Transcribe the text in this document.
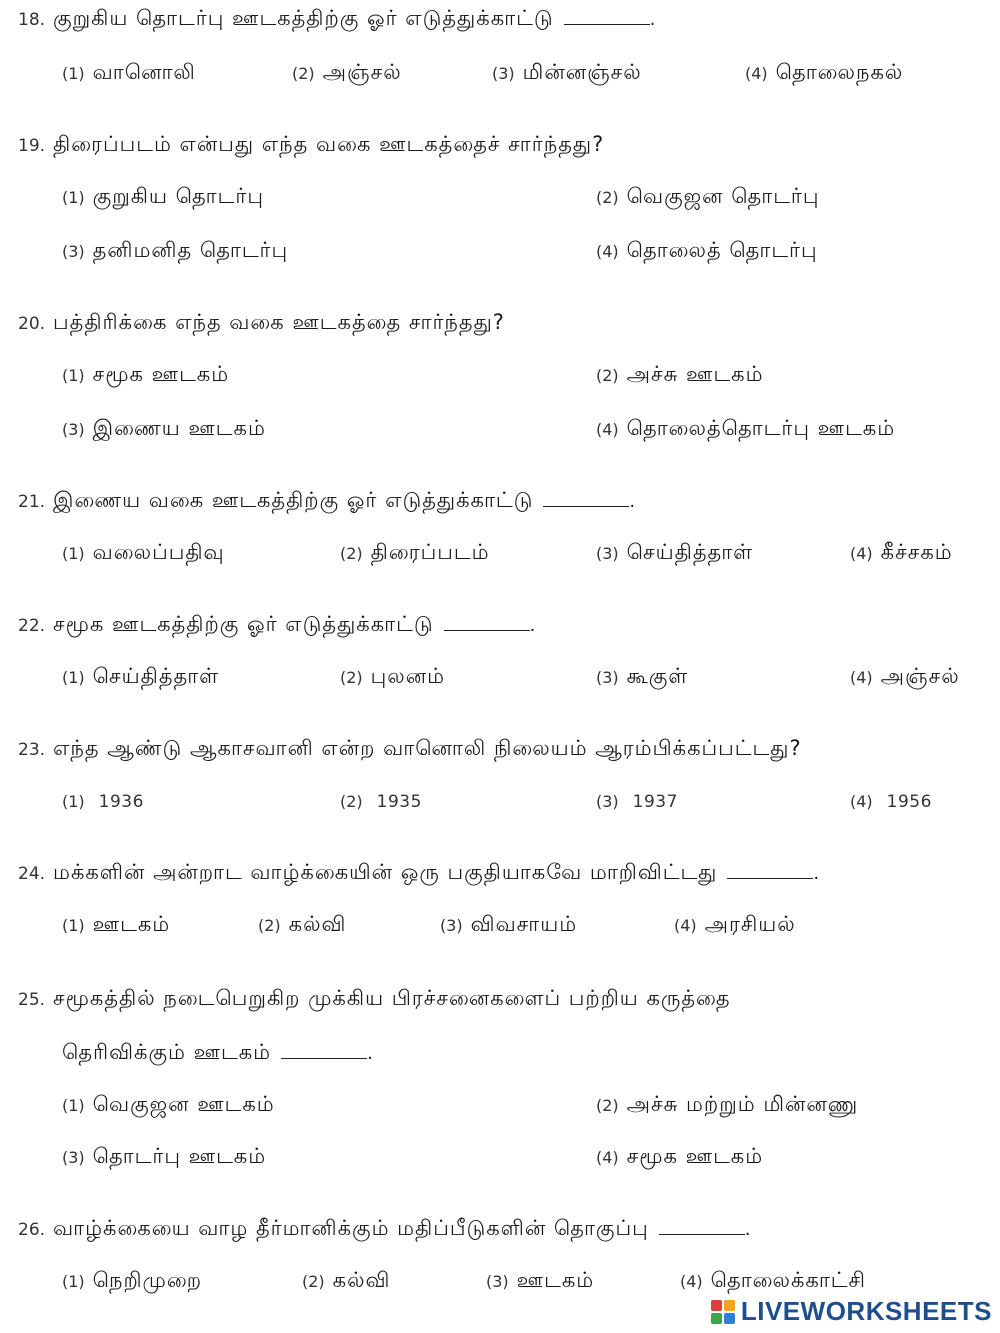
18. குறுகிய தொடர்பு ஊடகத்திற்கு ஓர் எடுத்துக்காட்டு	.
(1) வானொலி	(2) அஞ்சல்	(3) மின்னஞ்சல்	(4) தொலைநகல்
19. திரைப்படம் என்பது எந்த வகை ஊடகத்தைச் சார்ந்தது?
(1) குறுகிய தொடர்பு	(2) வெகுஜன தொடர்பு
(3) தனிமனித தொடர்பு	(4) தொலைத் தொடர்பு
20. பத்திரிக்கை எந்த வகை ஊடகத்தை சார்ந்தது?
(1) சமூக ஊடகம்	(2) அச்சு ஊடகம்
(3) இணைய ஊடகம்	(4) தொலைத்தொடர்பு ஊடகம்
21. இணைய வகை ஊடகத்திற்கு ஓர் எடுத்துக்காட்டு	.
(1) வலைப்பதிவு	(2) திரைப்படம்	(3) செய்தித்தாள்	(4) கீச்சகம்
22. சமூக ஊடகத்திற்கு ஓர் எடுத்துக்காட்டு	.
(1) செய்தித்தாள்	(2) புலனம்	(3) கூகுள்	(4) அஞ்சல்
23. எந்த ஆண்டு ஆகாசவானி என்ற வானொலி நிலையம் ஆரம்பிக்கப்பட்டது?
(1) 1936	(2) 1935	(3) 1937	(4) 1956
24. மக்களின் அன்றாட வாழ்க்கையின் ஒரு பகுதியாகவே மாறிவிட்டது	.
(1) ஊடகம்	(2) கல்வி	(3) விவசாயம்	(4) அரசியல்
25. சமூகத்தில் நடைபெறுகிற முக்கிய பிரச்சனைகளைப் பற்றிய கருத்தை
தெரிவிக்கும் ஊடகம்	.
(1) வெகுஜன ஊடகம்	(2) அச்சு மற்றும் மின்னணு
(3) தொடர்பு ஊடகம்	(4) சமூக ஊடகம்
26. வாழ்க்கையை வாழ தீர்மானிக்கும் மதிப்பீடுகளின் தொகுப்பு	.
(1) நெறிமுறை	(2) கல்வி	(3) ஊடகம்	(4) தொலைக்காட்சி
LIVEWORKSHEETS
